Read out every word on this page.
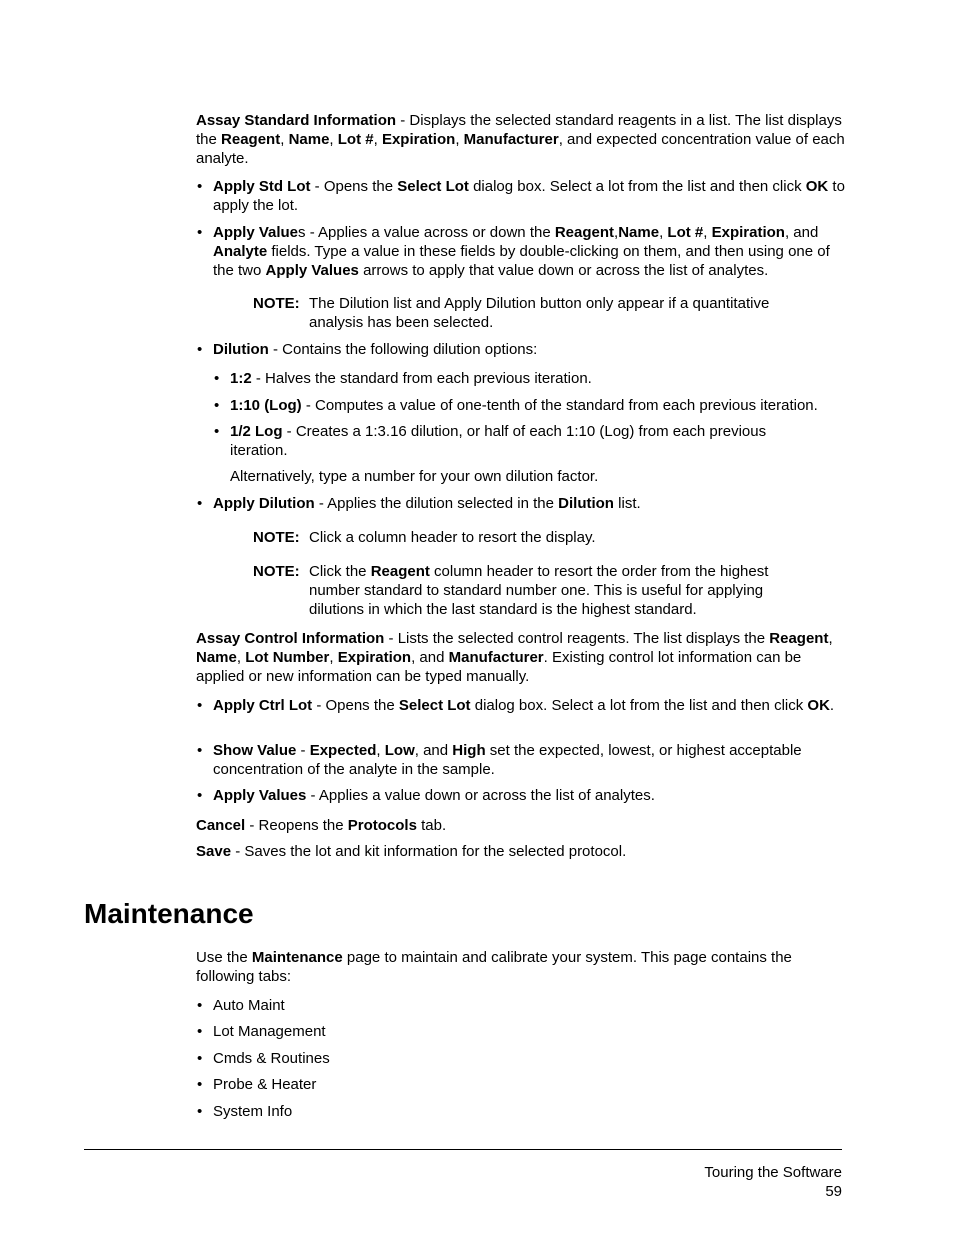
Assay Standard Information - Displays the selected standard reagents in a list. The list displays the Reagent, Name, Lot #, Expiration, Manufacturer, and expected concentration value of each analyte.

• Apply Std Lot - Opens the Select Lot dialog box. Select a lot from the list and then click OK to apply the lot.
• Apply Values - Applies a value across or down the Reagent,Name, Lot #, Expiration, and Analyte fields. Type a value in these fields by double-clicking on them, and then using one of the two Apply Values arrows to apply that value down or across the list of analytes.
NOTE: The Dilution list and Apply Dilution button only appear if a quantitative analysis has been selected.
• Dilution - Contains the following dilution options:
• 1:2 - Halves the standard from each previous iteration.
• 1:10 (Log) - Computes a value of one-tenth of the standard from each previous iteration.
• 1/2 Log - Creates a 1:3.16 dilution, or half of each 1:10 (Log) from each previous iteration.

Alternatively, type a number for your own dilution factor.

• Apply Dilution - Applies the dilution selected in the Dilution list.
NOTE: Click a column header to resort the display.
NOTE: Click the Reagent column header to resort the order from the highest number standard to standard number one. This is useful for applying dilutions in which the last standard is the highest standard.

Assay Control Information - Lists the selected control reagents. The list displays the Reagent, Name, Lot Number, Expiration, and Manufacturer. Existing control lot information can be applied or new information can be typed manually.

• Apply Ctrl Lot - Opens the Select Lot dialog box. Select a lot from the list and then click OK.
• Show Value - Expected, Low, and High set the expected, lowest, or highest acceptable concentration of the analyte in the sample.
• Apply Values - Applies a value down or across the list of analytes.

Cancel - Reopens the Protocols tab.

Save - Saves the lot and kit information for the selected protocol.

Maintenance

Use the Maintenance page to maintain and calibrate your system. This page contains the following tabs:

• Auto Maint
• Lot Management
• Cmds & Routines
• Probe & Heater
• System Info
Touring the Software
59
